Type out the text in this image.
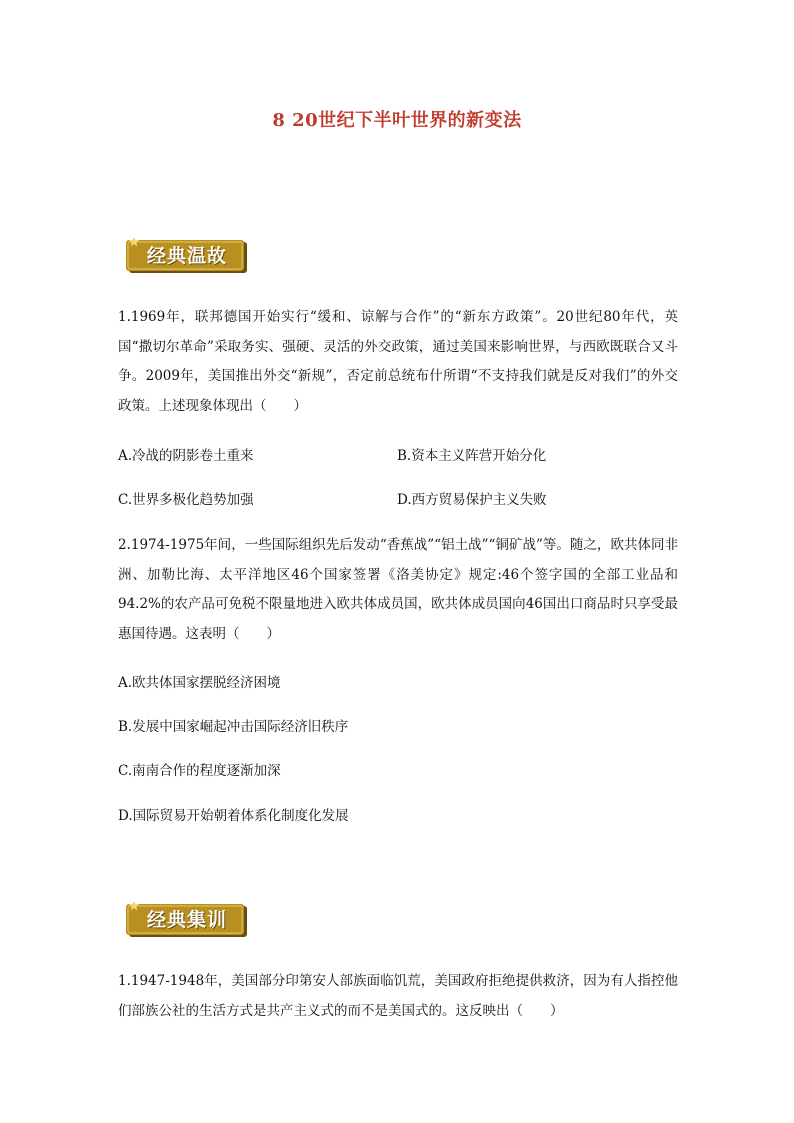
8 20世纪下半叶世界的新变法
经典温故

1.1969年，联邦德国开始实行“缓和、谅解与合作”的“新东方政策”。20世纪80年代，英国“撒切尔革命”采取务实、强硬、灵活的外交政策，通过美国来影响世界，与西欧既联合又斗争。2009年，美国推出外交“新规”，否定前总统布什所谓“不支持我们就是反对我们”的外交政策。上述现象体现出（　　）

A.冷战的阴影卷土重来	B.资本主义阵营开始分化
C.世界多极化趋势加强	D.西方贸易保护主义失败

2.1974-1975年间，一些国际组织先后发动“香蕉战”“铝土战”“铜矿战”等。随之，欧共体同非洲、加勒比海、太平洋地区46个国家签署《洛美协定》规定:46个签字国的全部工业品和94.2%的农产品可免税不限量地进入欧共体成员国，欧共体成员国向46国出口商品时只享受最惠国待遇。这表明（　　）

A.欧共体国家摆脱经济困境
B.发展中国家崛起冲击国际经济旧秩序
C.南南合作的程度逐渐加深
D.国际贸易开始朝着体系化制度化发展
经典集训

1.1947-1948年，美国部分印第安人部族面临饥荒，美国政府拒绝提供救济，因为有人指控他们部族公社的生活方式是共产主义式的而不是美国式的。这反映出（　　）
